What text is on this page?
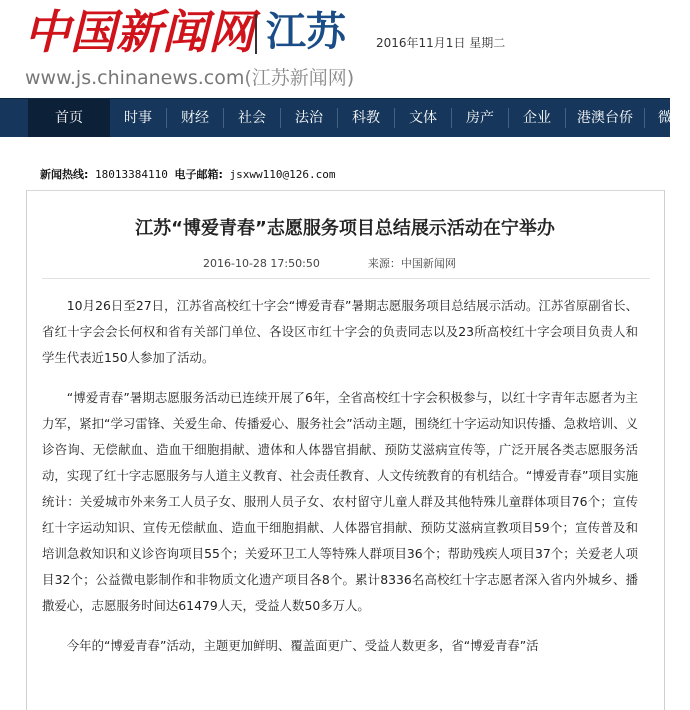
中国新闻网 江苏	2016年11月1日 星期二
www.js.chinanews.com(江苏新闻网)
首页	时事 财经 社会 法治 科教 文体 房产 企业 港澳台侨 微
新闻热线: 18013384110 电子邮箱: jsxww110@126.com
江苏“博爱青春”志愿服务项目总结展示活动在宁举办
2016-10-28 17:50:50	来源：中国新闻网

10月26日至27日，江苏省高校红十字会“博爱青春”暑期志愿服务项目总结展示活动。江苏省原副省长、省红十字会会长何权和省有关部门单位、各设区市红十字会的负责同志以及23所高校红十字会项目负责人和学生代表近150人参加了活动。

“博爱青春”暑期志愿服务活动已连续开展了6年，全省高校红十字会积极参与，以红十字青年志愿者为主力军，紧扣“学习雷锋、关爱生命、传播爱心、服务社会”活动主题，围绕红十字运动知识传播、急救培训、义诊咨询、无偿献血、造血干细胞捐献、遗体和人体器官捐献、预防艾滋病宣传等，广泛开展各类志愿服务活动，实现了红十字志愿服务与人道主义教育、社会责任教育、人文传统教育的有机结合。“博爱青春”项目实施统计：关爱城市外来务工人员子女、服刑人员子女、农村留守儿童人群及其他特殊儿童群体项目76个；宣传红十字运动知识、宣传无偿献血、造血干细胞捐献、人体器官捐献、预防艾滋病宣教项目59个；宣传普及和培训急救知识和义诊咨询项目55个；关爱环卫工人等特殊人群项目36个；帮助残疾人项目37个；关爱老人项目32个；公益微电影制作和非物质文化遗产项目各8个。累计8336名高校红十字志愿者深入省内外城乡、播撒爱心，志愿服务时间达61479人天，受益人数50多万人。

今年的“博爱青春”活动，主题更加鲜明、覆盖面更广、受益人数更多，省“博爱青春”活
